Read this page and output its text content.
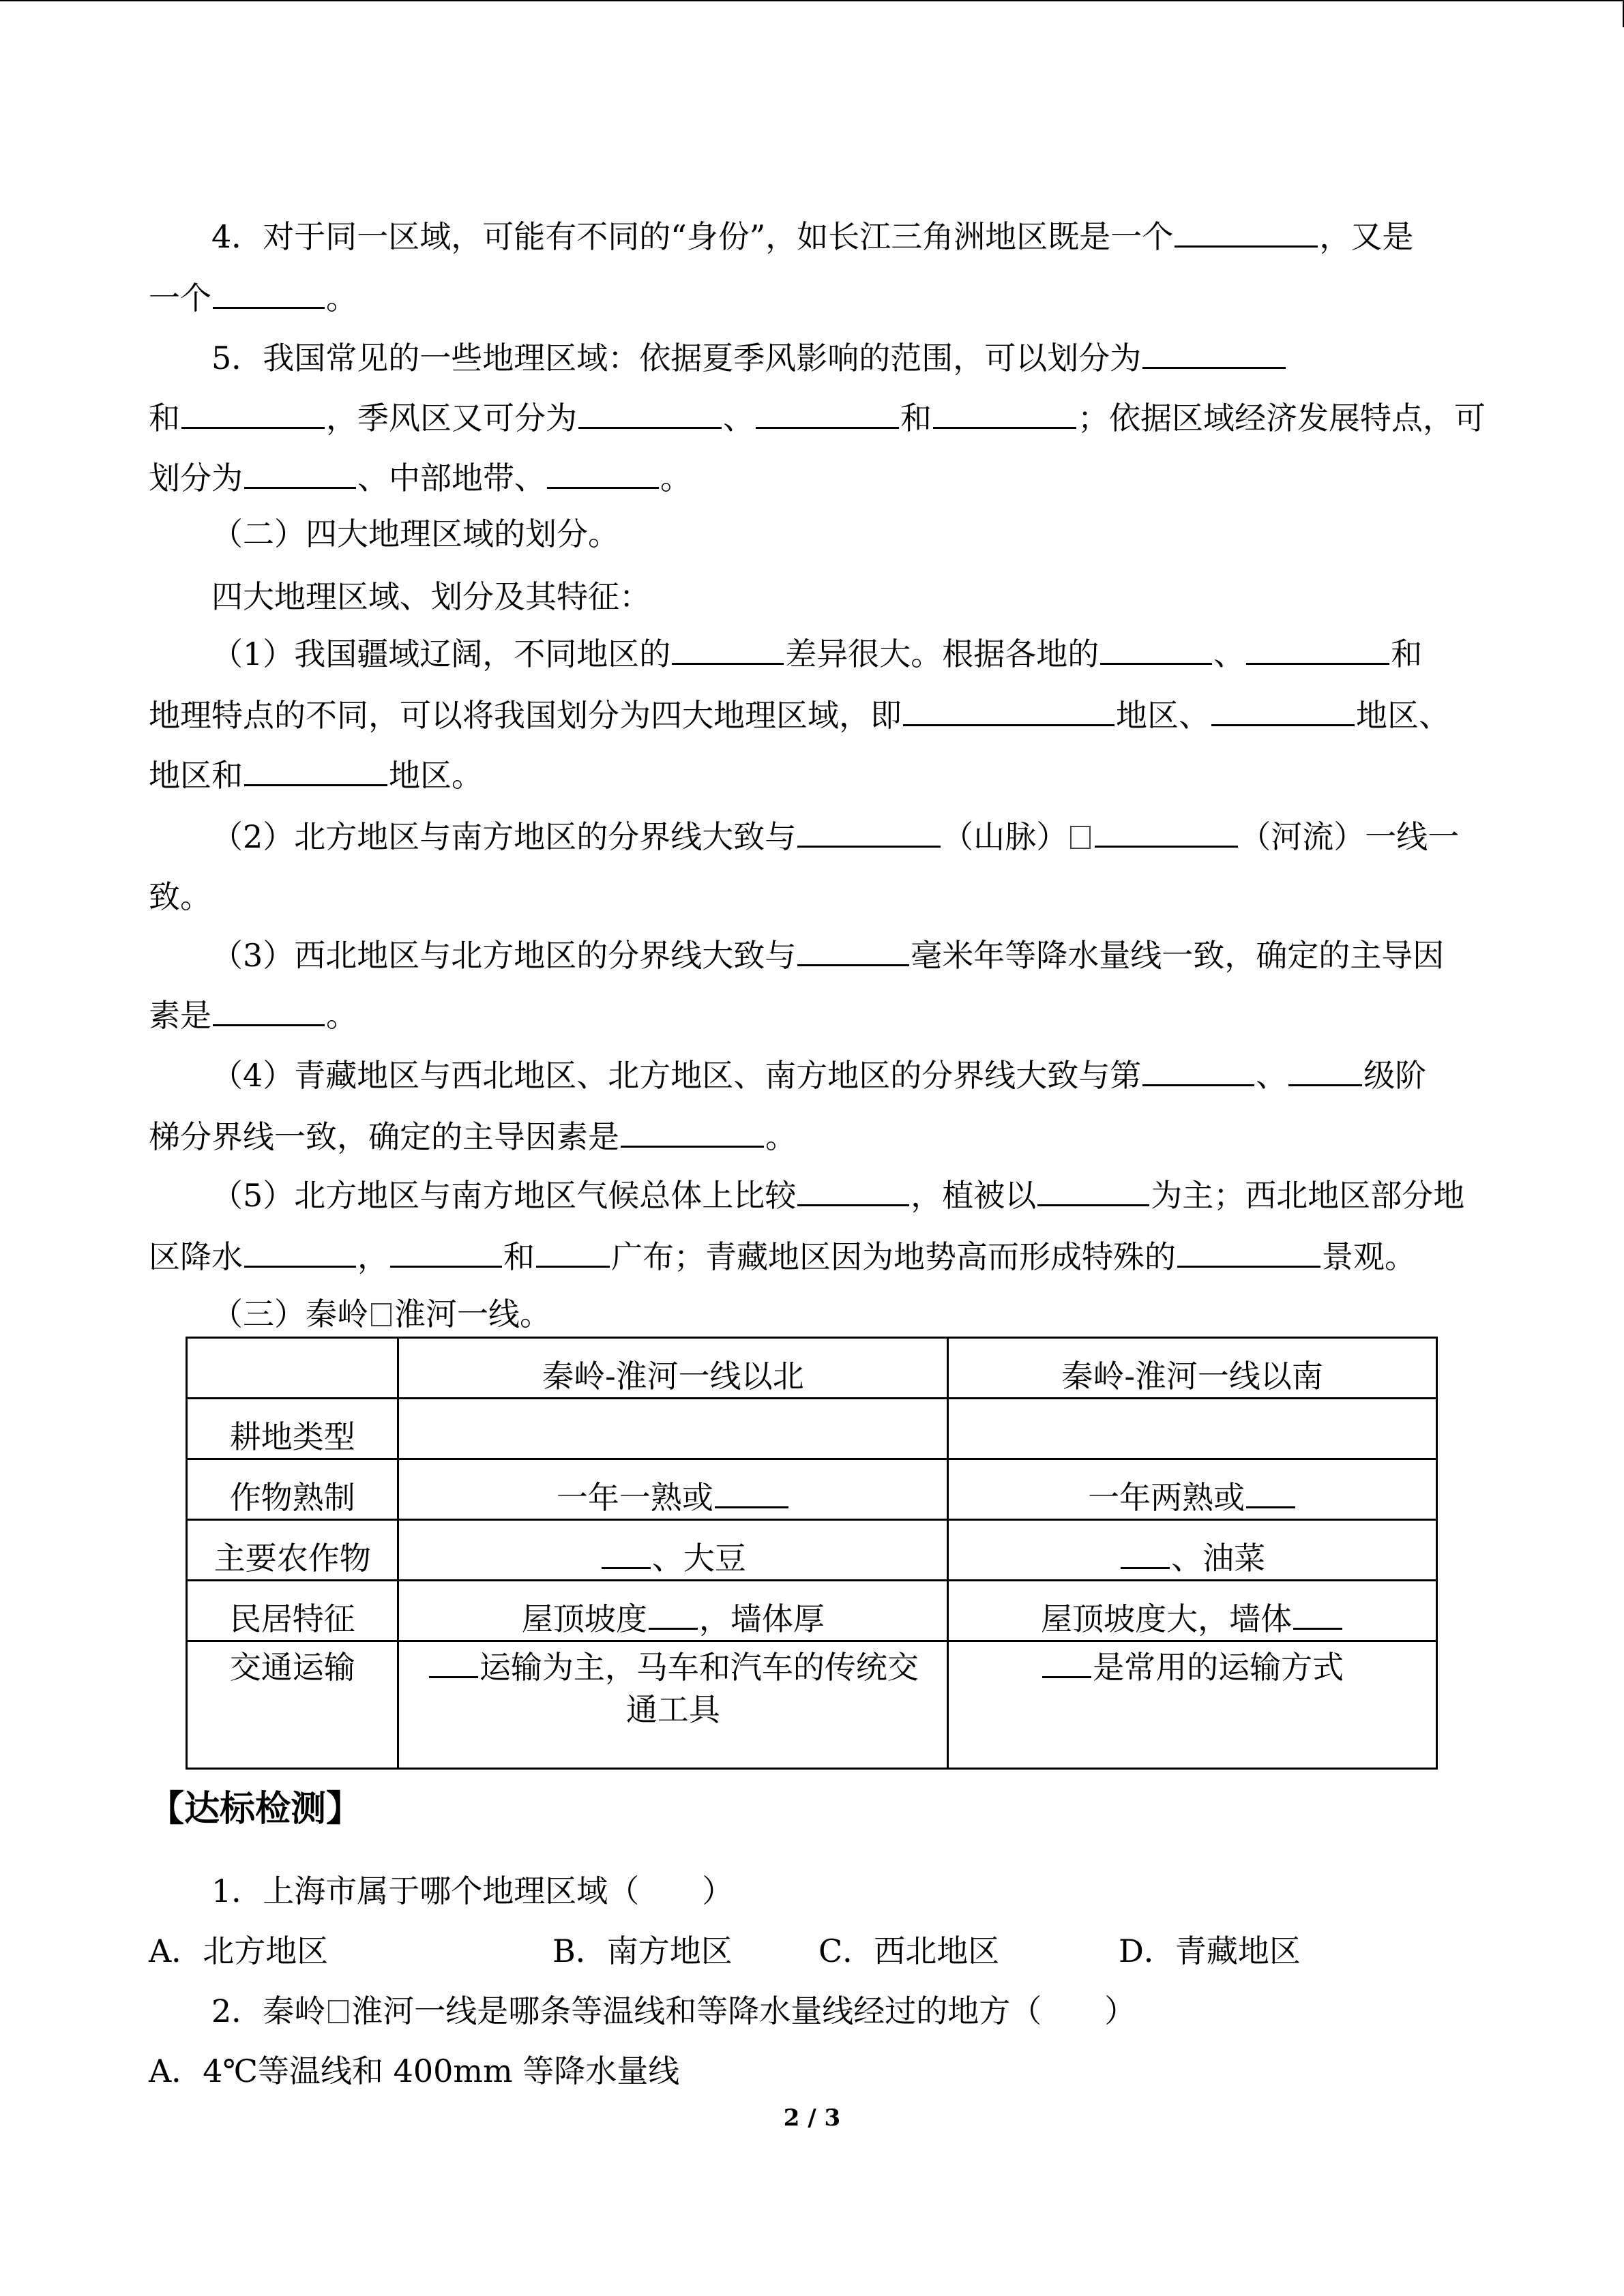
4．对于同一区域，可能有不同的“身份”，如长江三角洲地区既是一个	，又是
一个	。
5．我国常见的一些地理区域：依据夏季风影响的范围，可以划分为
和	，季风区又可分为	、	和	；依据区域经济发展特点，可
划分为	、中部地带、	。
（二）四大地理区域的划分。
四大地理区域、划分及其特征：
（1）我国疆域辽阔，不同地区的	差异很大。根据各地的	、	和
地理特点的不同，可以将我国划分为四大地理区域，即	地区、	地区、
地区和	地区。
（2）北方地区与南方地区的分界线大致与	（山脉）	（河流）一线一
致。
（3）西北地区与北方地区的分界线大致与	毫米年等降水量线一致，确定的主导因
素是	。
（4）青藏地区与西北地区、北方地区、南方地区的分界线大致与第	、 级阶
梯分界线一致，确定的主导因素是	。
（5）北方地区与南方地区气候总体上比较	，植被以	为主；西北地区部分地
区降水	，	和 广布；青藏地区因为地势高而形成特殊的	景观。
（三）秦岭 淮河一线。
	秦岭-淮河一线以北	秦岭-淮河一线以南
耕地类型		
作物熟制	一年一熟或	一年两熟或
主要农作物	、大豆	、油菜
民居特征	屋顶坡度 ，墙体厚	屋顶坡度大，墙体
交通运输	运输为主，马车和汽车的传统交
通工具	是常用的运输方式
【达标检测】
1．上海市属于哪个地理区域（　　）
A．北方地区	B．南方地区	C．西北地区	D．青藏地区
2．秦岭 淮河一线是哪条等温线和等降水量线经过的地方（　　）
A．4℃等温线和 400mm 等降水量线
2 / 3
